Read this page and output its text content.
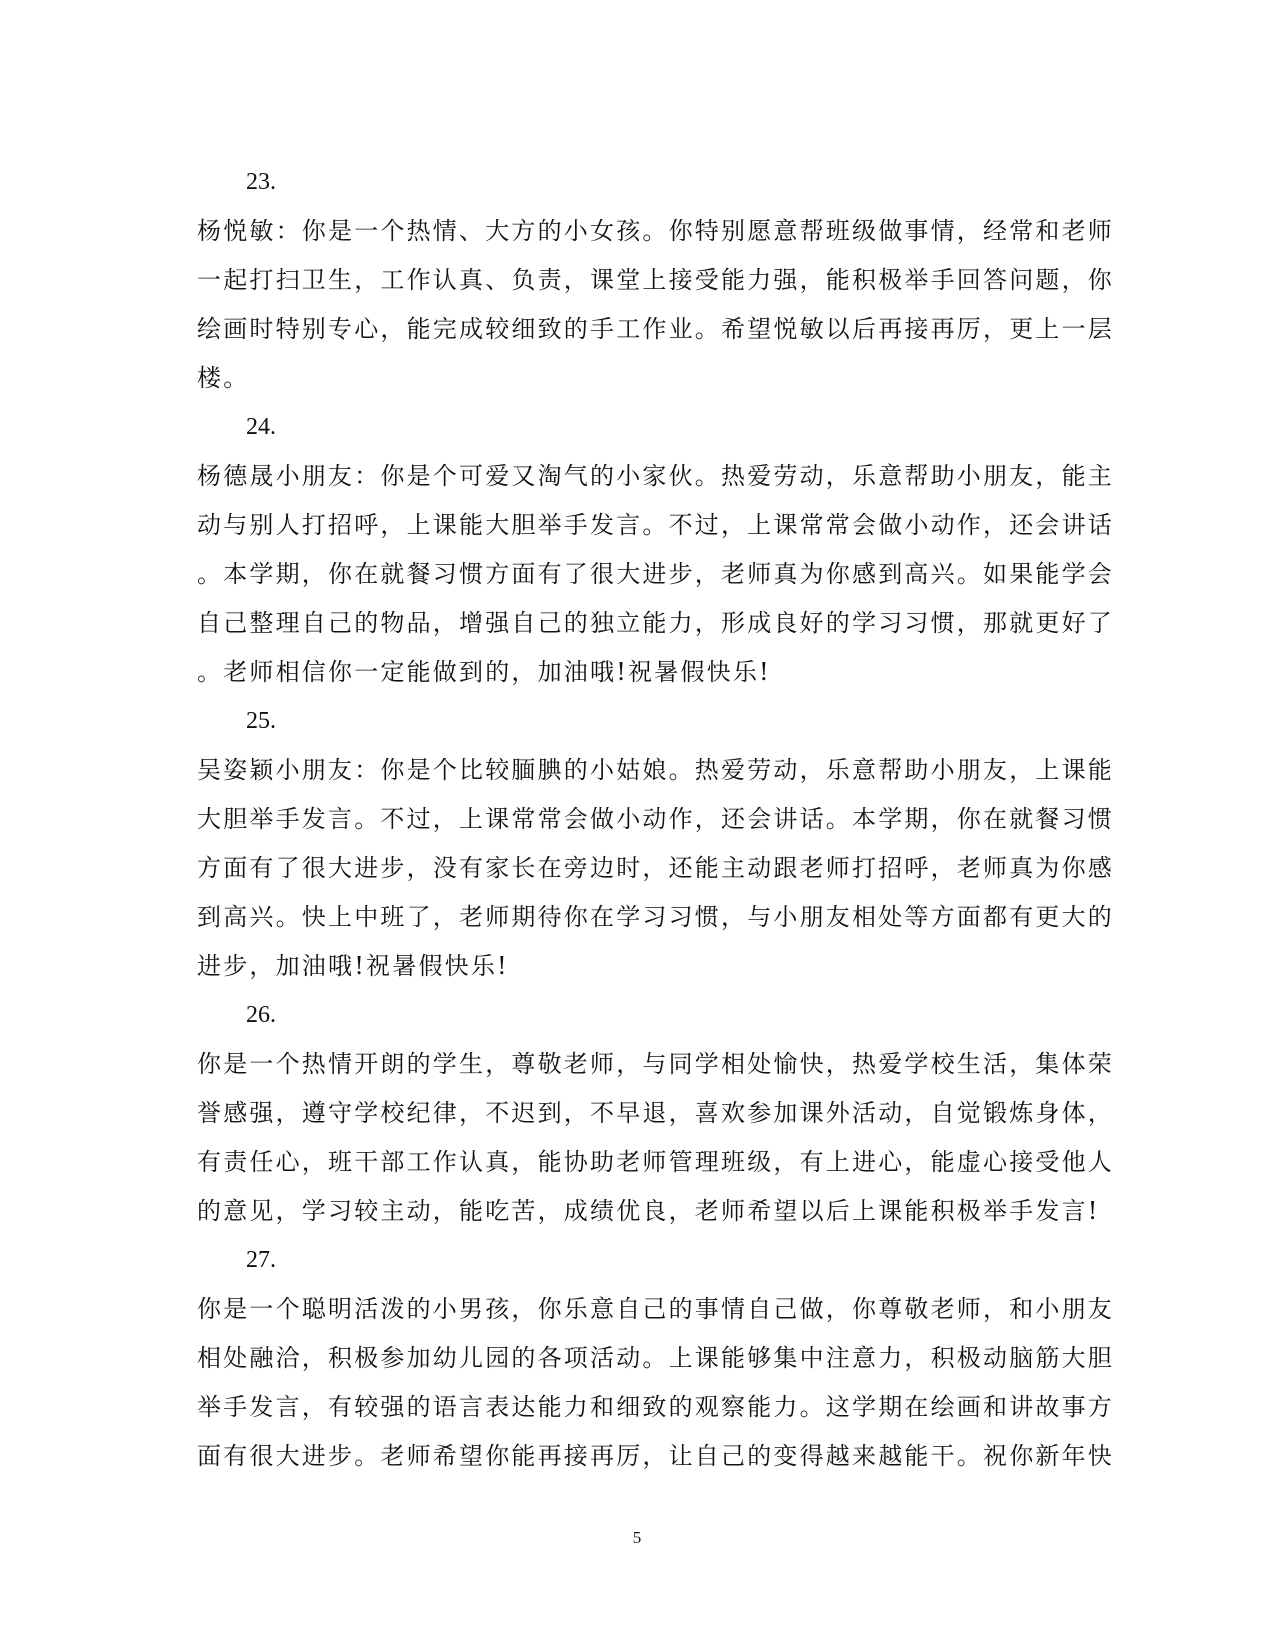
23.

杨悦敏：你是一个热情、大方的小女孩。你特别愿意帮班级做事情，经常和老师
一起打扫卫生，工作认真、负责，课堂上接受能力强，能积极举手回答问题，你
绘画时特别专心，能完成较细致的手工作业。希望悦敏以后再接再厉，更上一层
楼。

24.

杨德晟小朋友：你是个可爱又淘气的小家伙。热爱劳动，乐意帮助小朋友，能主
动与别人打招呼，上课能大胆举手发言。不过，上课常常会做小动作，还会讲话
。本学期，你在就餐习惯方面有了很大进步，老师真为你感到高兴。如果能学会
自己整理自己的物品，增强自己的独立能力，形成良好的学习习惯，那就更好了
。老师相信你一定能做到的，加油哦!祝暑假快乐!

25.

吴姿颖小朋友：你是个比较腼腆的小姑娘。热爱劳动，乐意帮助小朋友，上课能
大胆举手发言。不过，上课常常会做小动作，还会讲话。本学期，你在就餐习惯
方面有了很大进步，没有家长在旁边时，还能主动跟老师打招呼，老师真为你感
到高兴。快上中班了，老师期待你在学习习惯，与小朋友相处等方面都有更大的
进步，加油哦!祝暑假快乐!

26.

你是一个热情开朗的学生，尊敬老师，与同学相处愉快，热爱学校生活，集体荣
誉感强，遵守学校纪律，不迟到，不早退，喜欢参加课外活动，自觉锻炼身体，
有责任心，班干部工作认真，能协助老师管理班级，有上进心，能虚心接受他人
的意见，学习较主动，能吃苦，成绩优良，老师希望以后上课能积极举手发言!

27.

你是一个聪明活泼的小男孩，你乐意自己的事情自己做，你尊敬老师，和小朋友
相处融洽，积极参加幼儿园的各项活动。上课能够集中注意力，积极动脑筋大胆
举手发言，有较强的语言表达能力和细致的观察能力。这学期在绘画和讲故事方
面有很大进步。老师希望你能再接再厉，让自己的变得越来越能干。祝你新年快
5
